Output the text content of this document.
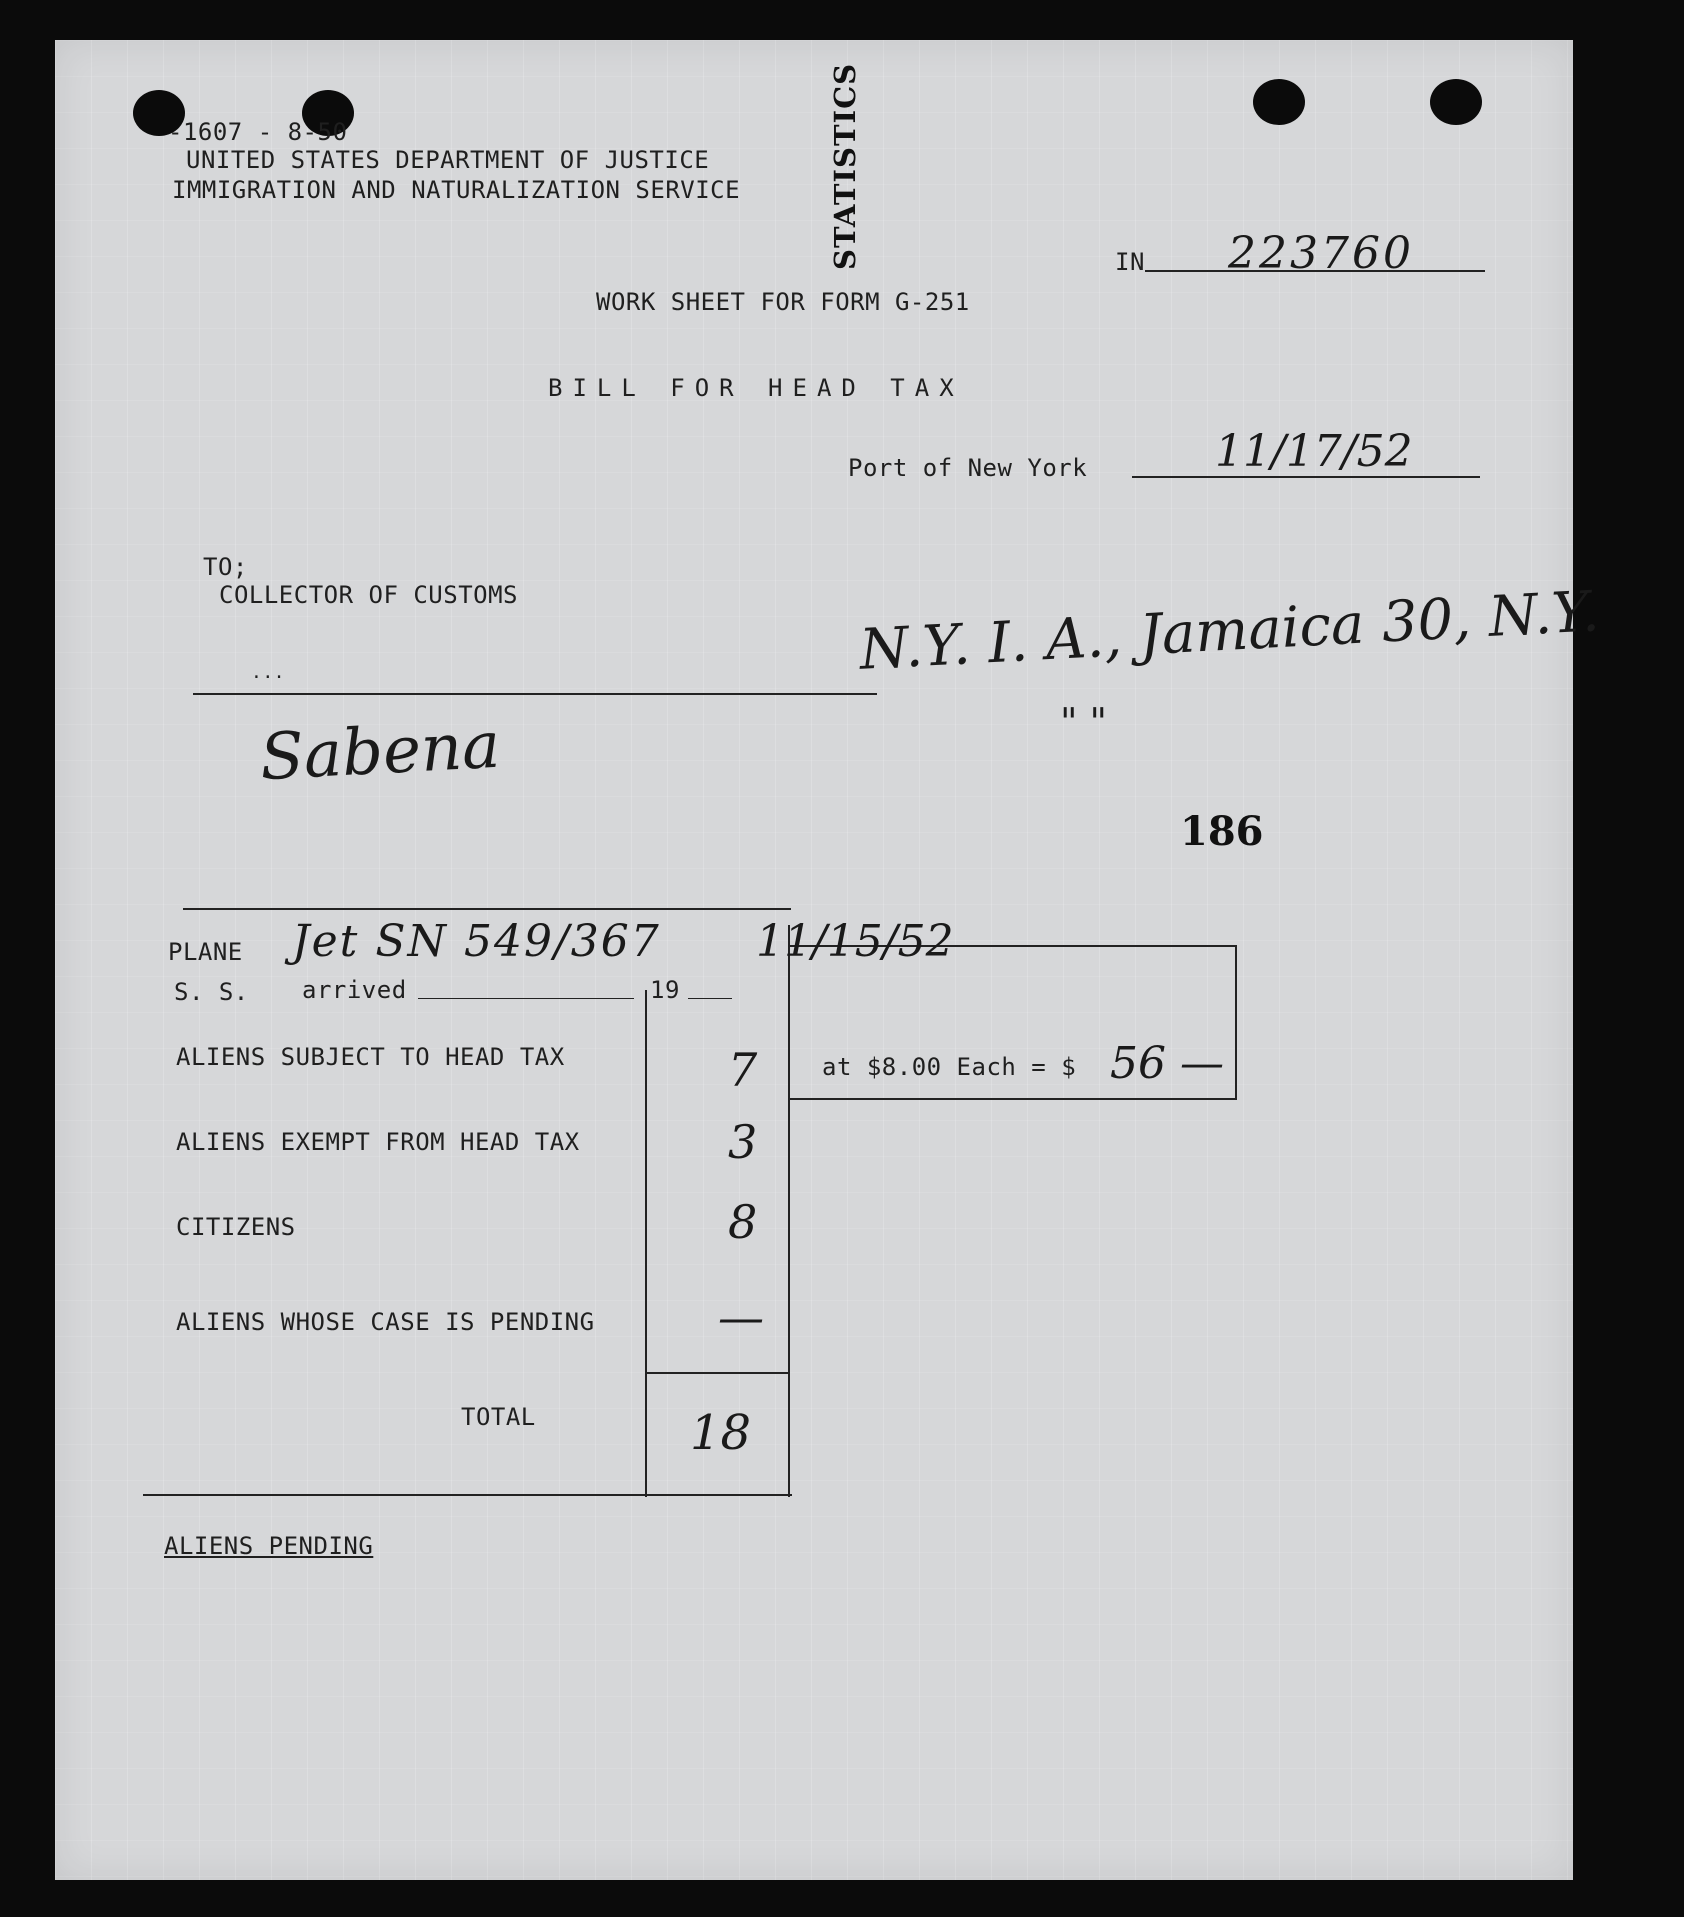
-1607 - 8-50
UNITED STATES DEPARTMENT OF JUSTICE
IMMIGRATION AND NATURALIZATION SERVICE	STATISTICS	IN 223760
WORK SHEET FOR FORM G-251
BILL FOR HEAD TAX
Port of New York	11/17/52
TO;
COLLECTOR OF CUSTOMS
...	N.Y. I. A., Jamaica 30, N.Y.
" "
Sabena
186
PLANE Jet SN 549/367 11/15/52
S. S. arrived	19
ALIENS SUBJECT TO HEAD TAX	7
ALIENS EXEMPT FROM HEAD TAX	3
CITIZENS	8
ALIENS WHOSE CASE IS PENDING	—
TOTAL	18
at $8.00 Each = $ 56 —
ALIENS PENDING
